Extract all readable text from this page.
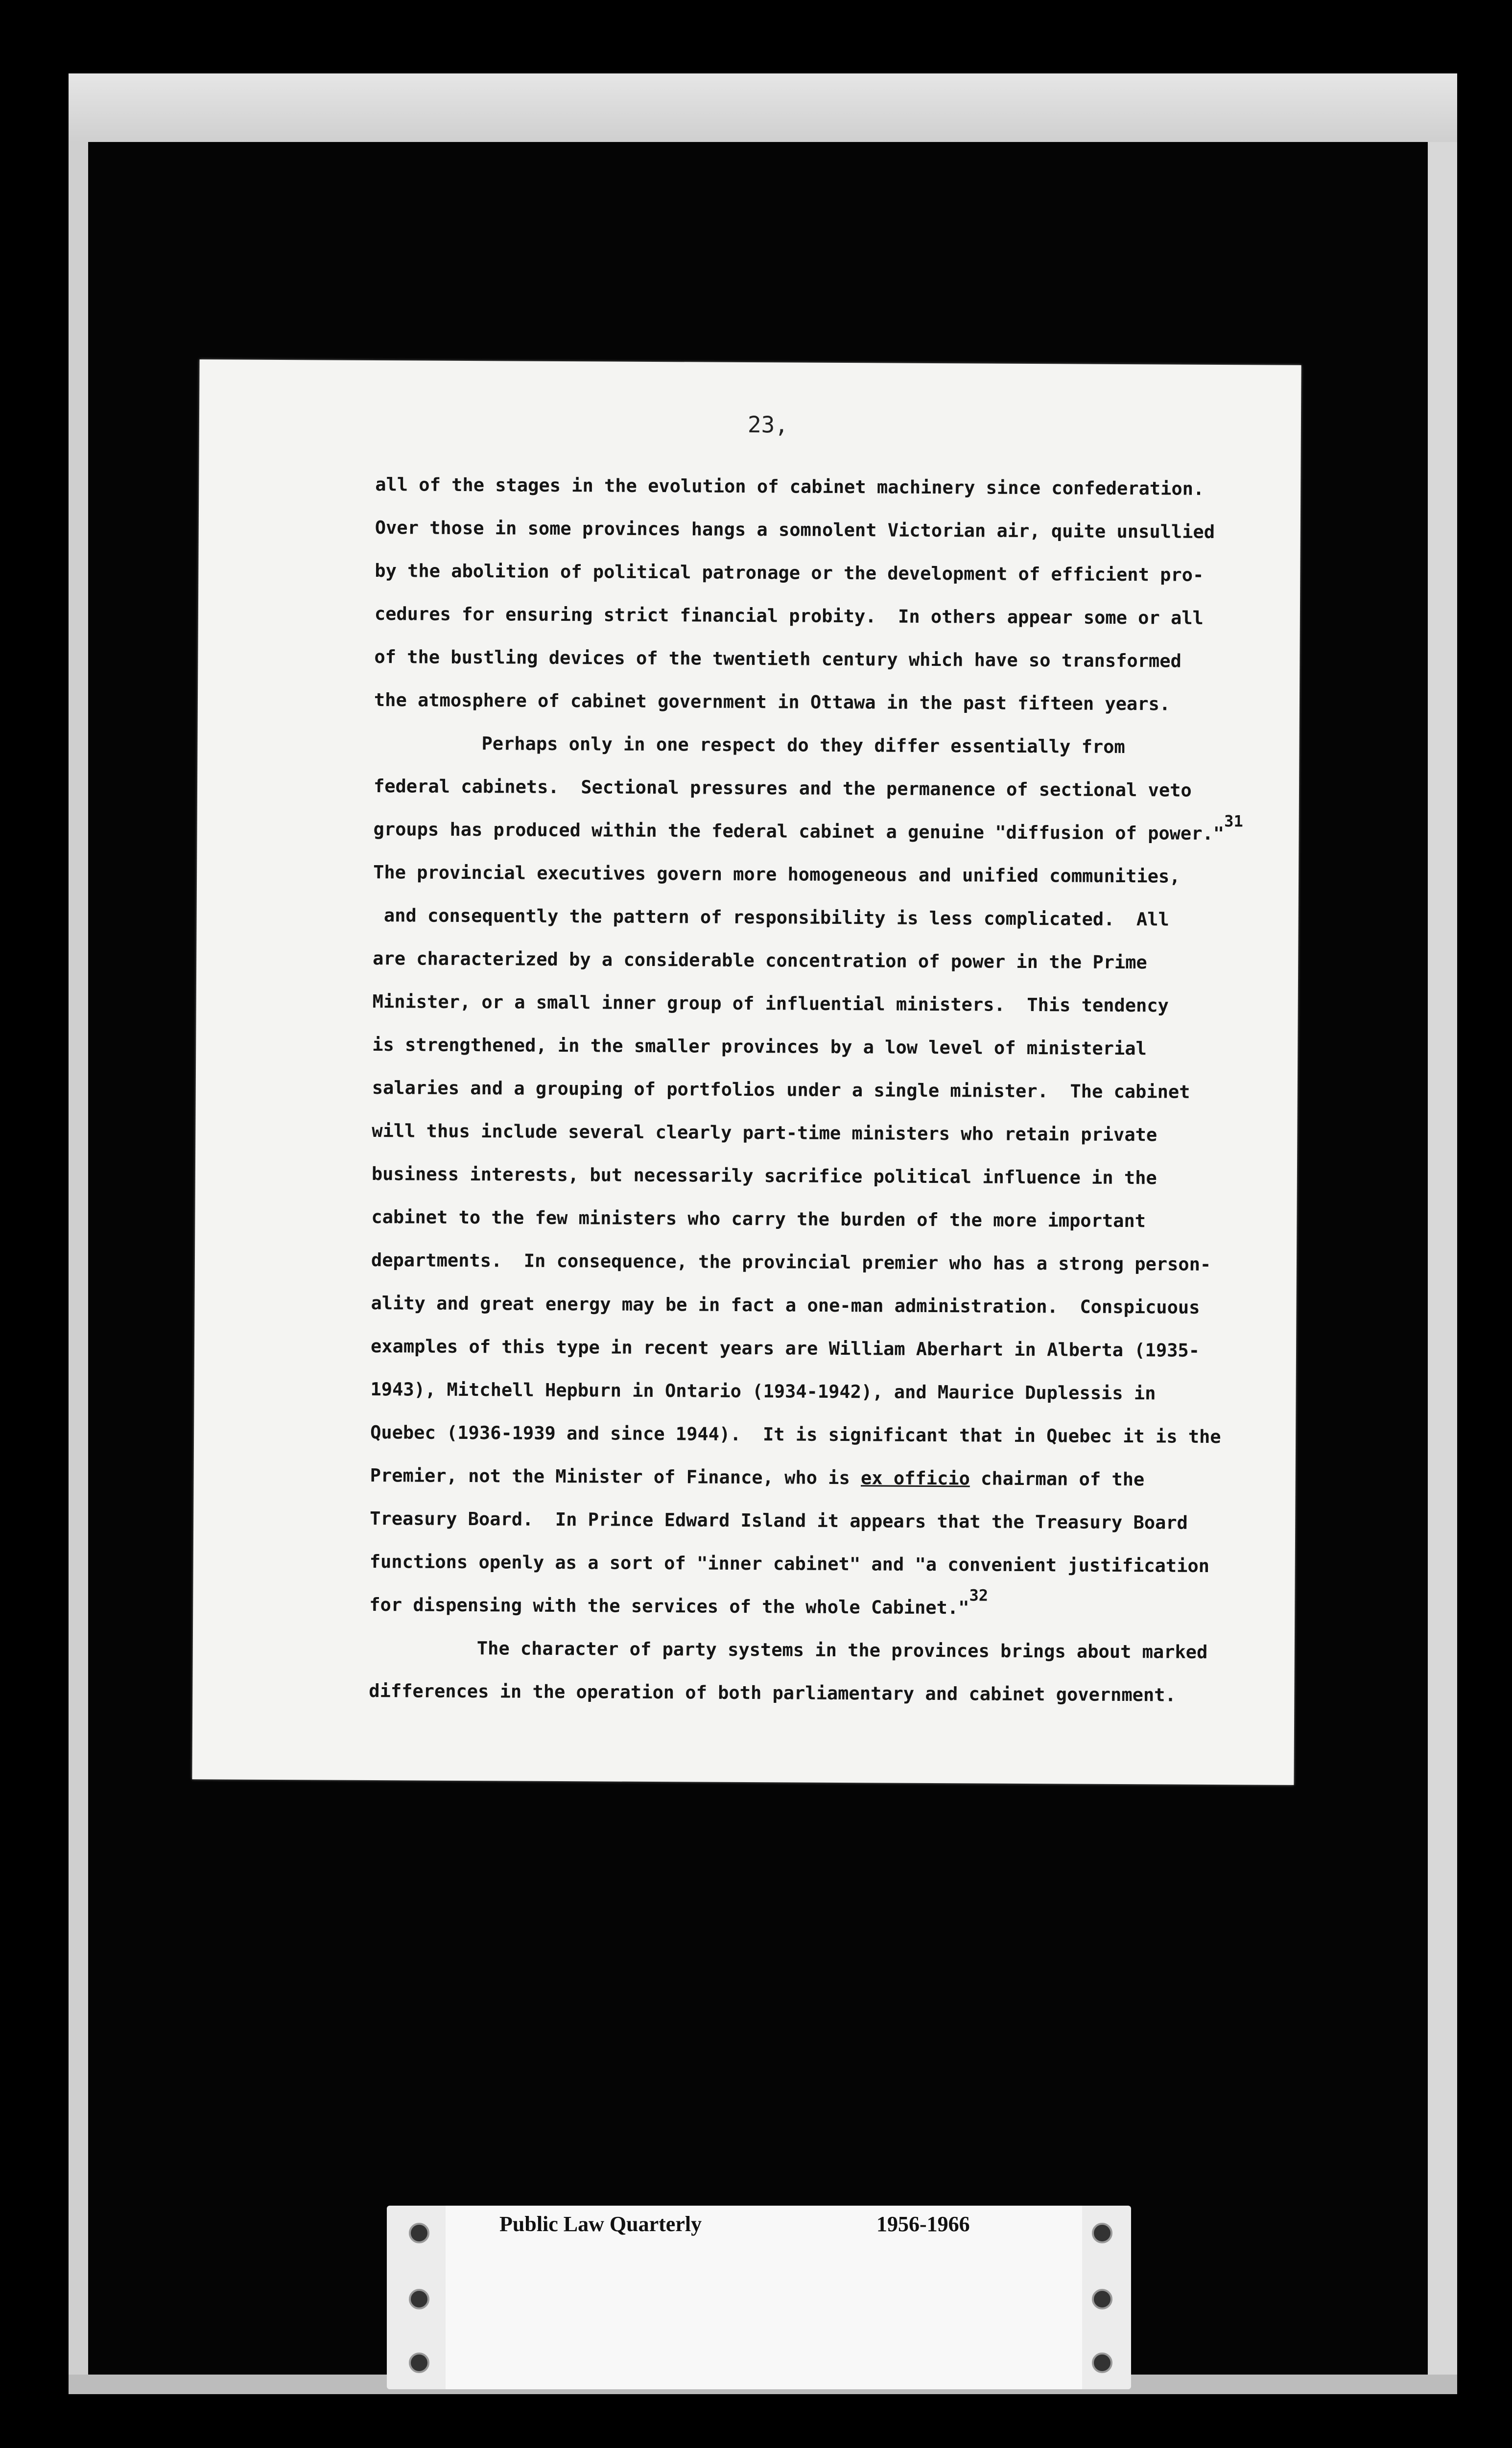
23,
all of the stages in the evolution of cabinet machinery since confederation.
Over those in some provinces hangs a somnolent Victorian air, quite unsullied
by the abolition of political patronage or the development of efficient pro-
cedures for ensuring strict financial probity.  In others appear some or all
of the bustling devices of the twentieth century which have so transformed
the atmosphere of cabinet government in Ottawa in the past fifteen years.
Perhaps only in one respect do they differ essentially from
federal cabinets.  Sectional pressures and the permanence of sectional veto
groups has produced within the federal cabinet a genuine "diffusion of power." 31
The provincial executives govern more homogeneous and unified communities,
and consequently the pattern of responsibility is less complicated.  All
are characterized by a considerable concentration of power in the Prime
Minister, or a small inner group of influential ministers.  This tendency
is strengthened, in the smaller provinces by a low level of ministerial
salaries and a grouping of portfolios under a single minister.  The cabinet
will thus include several clearly part-time ministers who retain private
business interests, but necessarily sacrifice political influence in the
cabinet to the few ministers who carry the burden of the more important
departments.  In consequence, the provincial premier who has a strong person-
ality and great energy may be in fact a one-man administration.  Conspicuous
examples of this type in recent years are William Aberhart in Alberta (1935-
1943), Mitchell Hepburn in Ontario (1934-1942), and Maurice Duplessis in
Quebec (1936-1939 and since 1944).  It is significant that in Quebec it is the
Premier, not the Minister of Finance, who is ex officio chairman of the
Treasury Board.  In Prince Edward Island it appears that the Treasury Board
functions openly as a sort of "inner cabinet" and "a convenient justification
for dispensing with the services of the whole Cabinet." 32
The character of party systems in the provinces brings about marked
differences in the operation of both parliamentary and cabinet government.
Public Law Quarterly	1956-1966
